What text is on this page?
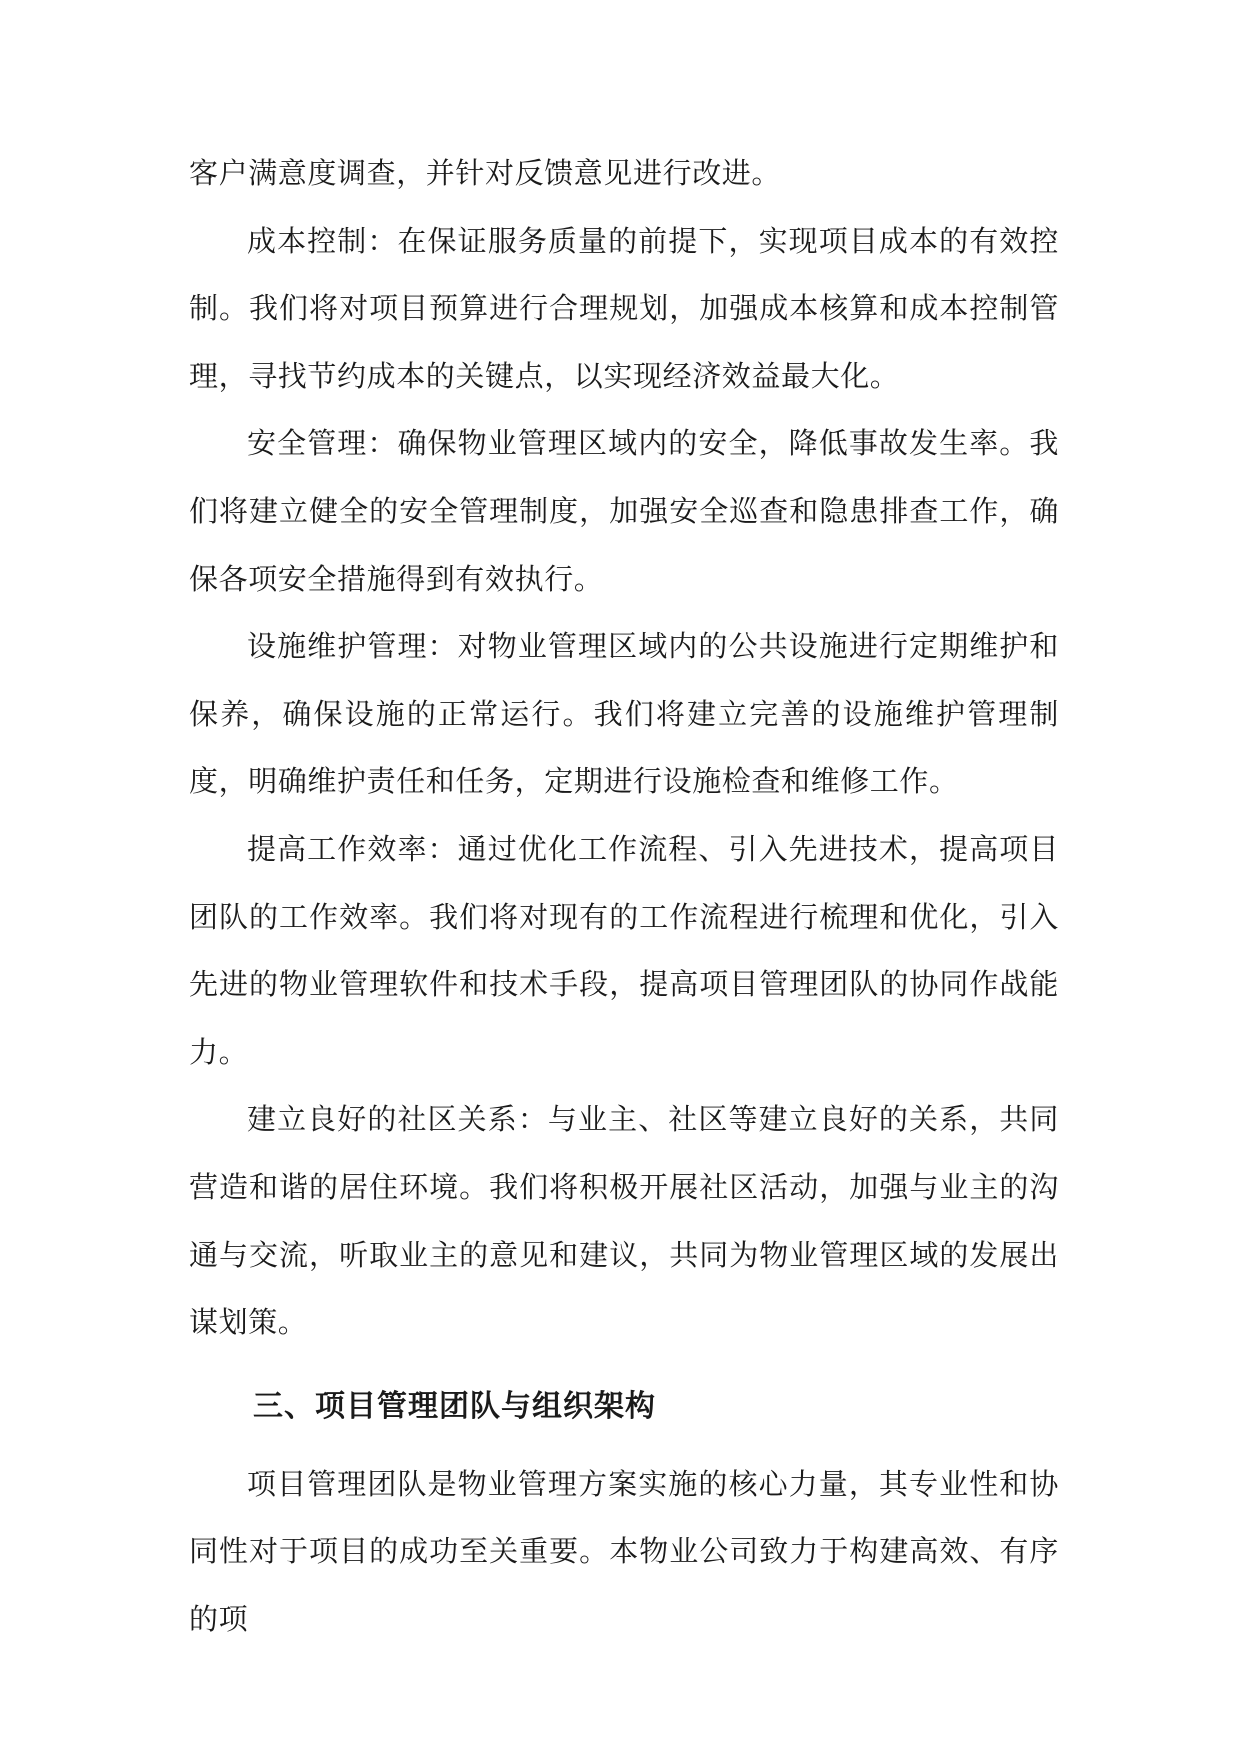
客户满意度调查，并针对反馈意见进行改进。

成本控制：在保证服务质量的前提下，实现项目成本的有效控制。我们将对项目预算进行合理规划，加强成本核算和成本控制管理，寻找节约成本的关键点，以实现经济效益最大化。

安全管理：确保物业管理区域内的安全，降低事故发生率。我们将建立健全的安全管理制度，加强安全巡查和隐患排查工作，确保各项安全措施得到有效执行。

设施维护管理：对物业管理区域内的公共设施进行定期维护和保养，确保设施的正常运行。我们将建立完善的设施维护管理制度，明确维护责任和任务，定期进行设施检查和维修工作。

提高工作效率：通过优化工作流程、引入先进技术，提高项目团队的工作效率。我们将对现有的工作流程进行梳理和优化，引入先进的物业管理软件和技术手段，提高项目管理团队的协同作战能力。

建立良好的社区关系：与业主、社区等建立良好的关系，共同营造和谐的居住环境。我们将积极开展社区活动，加强与业主的沟通与交流，听取业主的意见和建议，共同为物业管理区域的发展出谋划策。

三、项目管理团队与组织架构

项目管理团队是物业管理方案实施的核心力量，其专业性和协同性对于项目的成功至关重要。本物业公司致力于构建高效、有序的项
